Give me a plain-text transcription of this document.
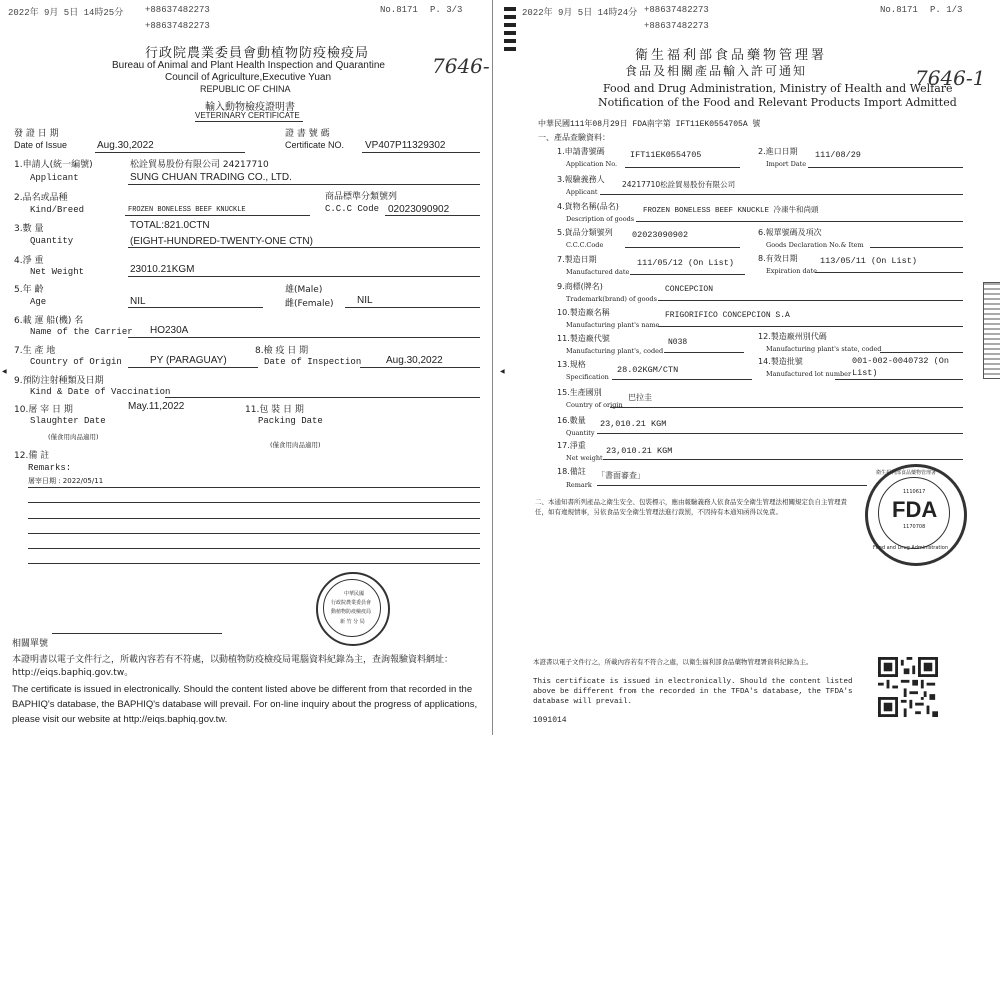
2022年 9月 5日 14時25分 +88637482273
+88637482273
No.8171 P. 3/3
行政院農業委員會動植物防疫檢疫局
Bureau of Animal and Plant Health Inspection and Quarantine
Council of Agriculture,Executive Yuan
REPUBLIC OF CHINA
輸入動物檢疫證明書
VETERINARY CERTIFICATE
7646-
發 證 日 期
Date of Issue	Aug.30,2022
證 書 號 碼
Certificate NO. VP407P11329302
1.申請人(統一編號)
Applicant
松詮貿易股份有限公司 24217710
SUNG CHUAN TRADING CO., LTD.
2.品名或品種
Kind/Breed	FROZEN BONELESS BEEF KNUCKLE
商品標準分類號列
C.C.C Code 02023090902
3.數 量
Quantity
TOTAL:821.0CTN
(EIGHT-HUNDRED-TWENTY-ONE CTN)
4.淨 重
Net Weight	23010.21KGM
5.年 齡
Age	NIL
雄(Male)
雌(Female) NIL
6.載 運 船(機) 名
Name of the Carrier HO230A
7.生 產 地
Country of Origin	PY (PARAGUAY)
8.檢 疫 日 期
Date of Inspection Aug.30,2022
◀
9.預防注射種類及日期
Kind & Date of Vaccination
10.屠 宰 日 期
Slaughter Date
(僅食用肉品適用)
May.11,2022	11.包 裝 日 期
Packing Date
(僅食用肉品適用)
12.備 註
Remarks:
屠宰日期 : 2022/05/11
中華民國
行政院農業委員會
動植物防疫檢疫局
新 竹 分 局
相關單號
本證明書以電子文件行之，所載內容若有不符處，以動植物防疫檢疫局電腦資料紀錄為主，查詢報驗資料網址：http://eiqs.baphiq.gov.tw。
The certificate is issued in electronically. Should the content listed above be different from that recorded in the BAPHIQ's database, the BAPHIQ's database will prevail. For on-line inquiry about the progress of applications, please visit our website at http://eiqs.baphiq.gov.tw.
2022年 9月 5日 14時24分 +88637482273
+88637482273
No.8171 P. 1/3
衛生福利部食品藥物管理署
食品及相關產品輸入許可通知
Food and Drug Administration, Ministry of Health and Welfare
Notification of the Food and Relevant Products Import Admitted
7646-1
中華民國111年08月29日 FDA南字第 IFT11EK0554705A 號
一、產品查驗資料：
1.申請書號碼
Application No.
IFT11EK0554705	2.進口日期
Import Date
111/08/29
3.報驗義務人
Applicant
24217710松詮貿易股份有限公司
4.貨物名稱(品名)
Description of goods
FROZEN BONELESS BEEF KNUCKLE 冷凍牛和尚頭
5.貨品分類號列
C.C.C.Code
02023090902	6.報單號碼及項次
Goods Declaration No.& Item
7.製造日期
Manufactured date
111/05/12 (On List)	8.有效日期
Expiration date
113/05/11 (On List)
9.商標(牌名)
Trademark(brand) of goods
CONCEPCION
10.製造廠名稱
Manufacturing plant's name
FRIGORIFICO CONCEPCION S.A
11.製造廠代號
Manufacturing plant's, coded
N038
12.製造廠州別代碼
Manufacturing plant's state, coded
13.規格
Specification
28.02KGM/CTN
14.製造批號
Manufactured lot number
001-002-0040732 (On
List)
15.生產國別
Country of origin
巴拉圭
16.數量
Quantity
23,010.21 KGM
17.淨重
Net weight
23,010.21 KGM
18.備註
Remark
「書面審查」
二、本通知書所列產品之衛生安全、包裝標示，應由報驗義務人依食品安全衛生管理法相關規定負自主管理責任，如有違規情事，另依食品安全衛生管理法進行裁罰，不因持有本通知函得以免責。
衛生福利部食品藥物管理署
1110617
FDA
1170708
Food and Drug Administration
本證書以電子文件行之，所載內容若有不符合之處，以衛生福利部食品藥物管理署資料紀錄為主。
This certificate is issued in electronically. Should the content listed above be different from the recorded in the TFDA's database, the TFDA's database will prevail.
1091014
◀
